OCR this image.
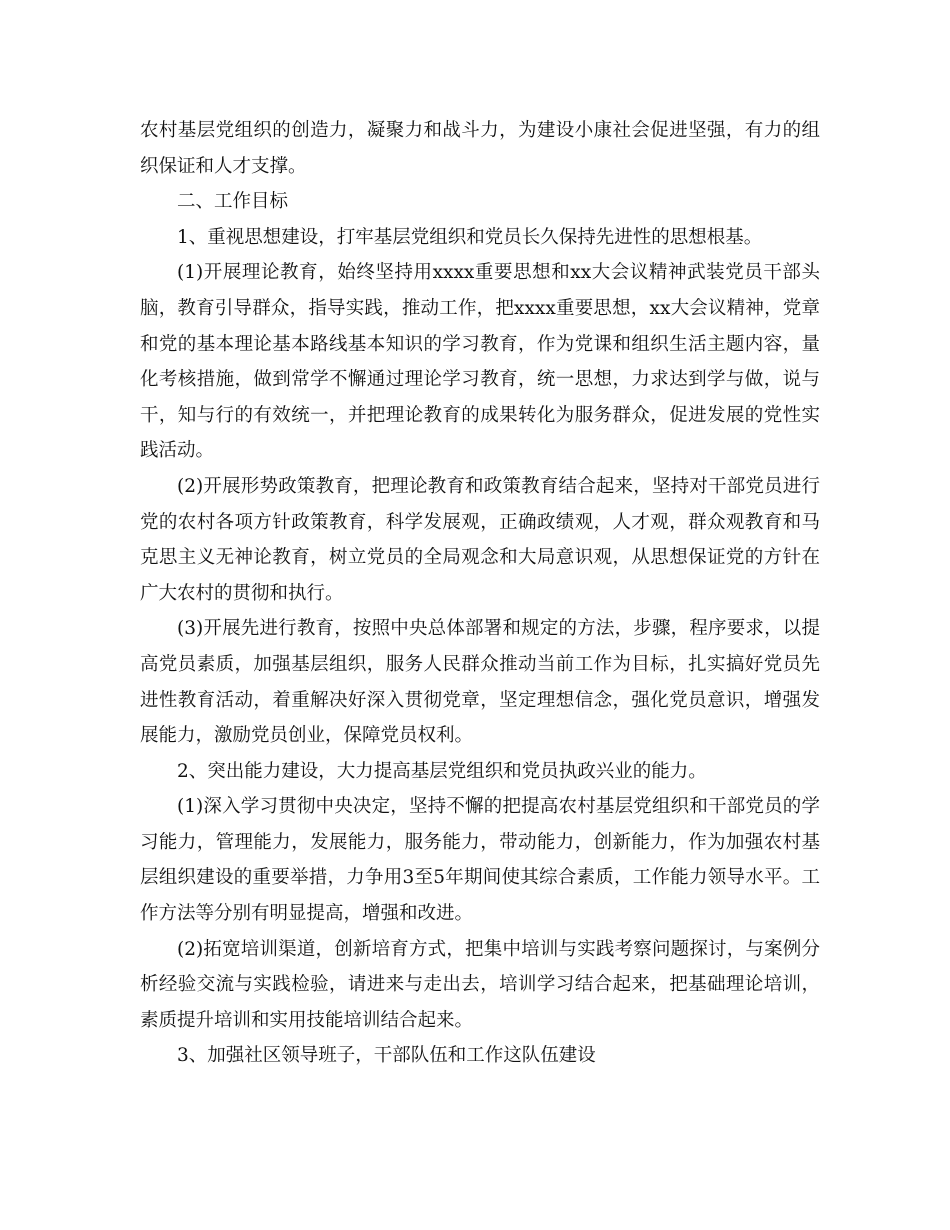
农村基层党组织的创造力，凝聚力和战斗力，为建设小康社会促进坚强，有力的组织保证和人才支撑。

二、工作目标

1、重视思想建设，打牢基层党组织和党员长久保持先进性的思想根基。

(1)开展理论教育，始终坚持用xxxx重要思想和xx大会议精神武装党员干部头脑，教育引导群众，指导实践，推动工作，把xxxx重要思想，xx大会议精神，党章和党的基本理论基本路线基本知识的学习教育，作为党课和组织生活主题内容，量化考核措施，做到常学不懈通过理论学习教育，统一思想，力求达到学与做，说与干，知与行的有效统一，并把理论教育的成果转化为服务群众，促进发展的党性实践活动。

(2)开展形势政策教育，把理论教育和政策教育结合起来，坚持对干部党员进行党的农村各项方针政策教育，科学发展观，正确政绩观，人才观，群众观教育和马克思主义无神论教育，树立党员的全局观念和大局意识观，从思想保证党的方针在广大农村的贯彻和执行。

(3)开展先进行教育，按照中央总体部署和规定的方法，步骤，程序要求，以提高党员素质，加强基层组织，服务人民群众推动当前工作为目标，扎实搞好党员先进性教育活动，着重解决好深入贯彻党章，坚定理想信念，强化党员意识，增强发展能力，激励党员创业，保障党员权利。

2、突出能力建设，大力提高基层党组织和党员执政兴业的能力。

(1)深入学习贯彻中央决定，坚持不懈的把提高农村基层党组织和干部党员的学习能力，管理能力，发展能力，服务能力，带动能力，创新能力，作为加强农村基层组织建设的重要举措，力争用3至5年期间使其综合素质，工作能力领导水平。工作方法等分别有明显提高，增强和改进。

(2)拓宽培训渠道，创新培育方式，把集中培训与实践考察问题探讨，与案例分析经验交流与实践检验，请进来与走出去，培训学习结合起来，把基础理论培训，素质提升培训和实用技能培训结合起来。

3、加强社区领导班子，干部队伍和工作这队伍建设
